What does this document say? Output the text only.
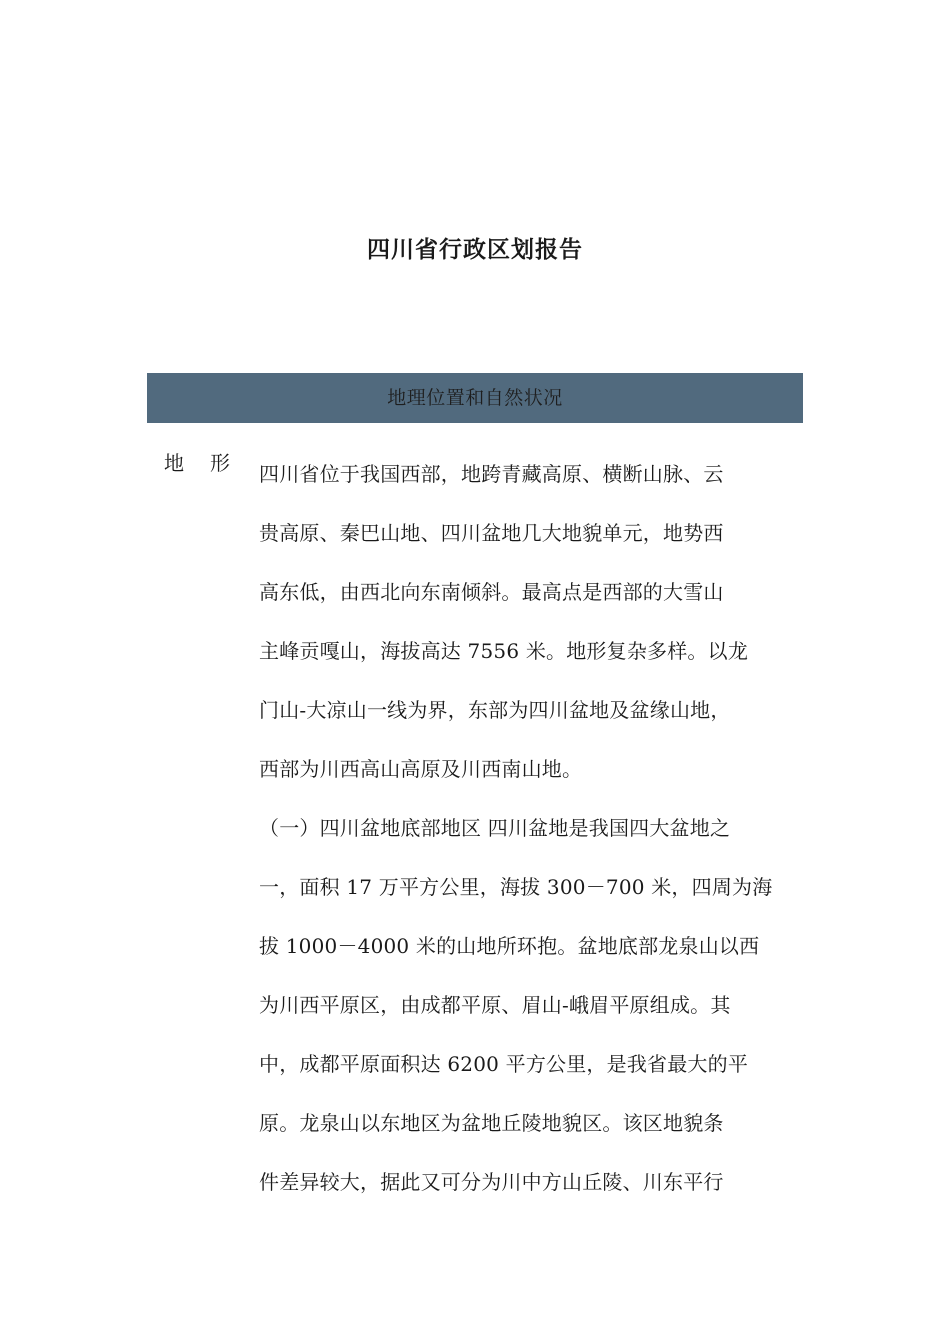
四川省行政区划报告
地理位置和自然状况
地 形 四川省位于我国西部，地跨青藏高原、横断山脉、云
贵高原、秦巴山地、四川盆地几大地貌单元，地势西
高东低，由西北向东南倾斜。最高点是西部的大雪山
主峰贡嘎山，海拔高达 7556 米。地形复杂多样。以龙
门山-大凉山一线为界，东部为四川盆地及盆缘山地，
西部为川西高山高原及川西南山地。
（一）四川盆地底部地区 四川盆地是我国四大盆地之
一，面积 17 万平方公里，海拔 300－700 米，四周为海
拔 1000－4000 米的山地所环抱。盆地底部龙泉山以西
为川西平原区，由成都平原、眉山-峨眉平原组成。其
中，成都平原面积达 6200 平方公里，是我省最大的平
原。龙泉山以东地区为盆地丘陵地貌区。该区地貌条
件差异较大，据此又可分为川中方山丘陵、川东平行
